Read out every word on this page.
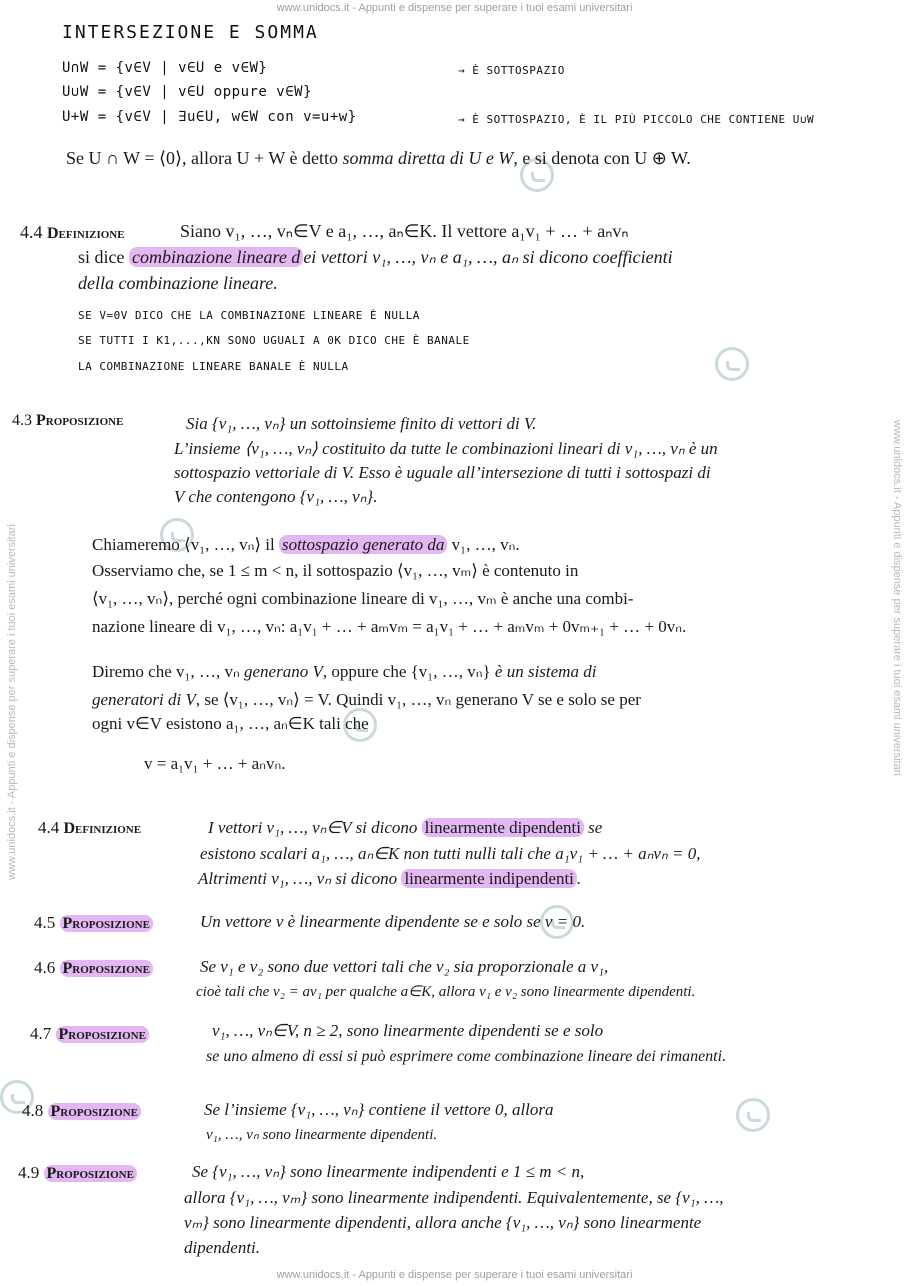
www.unidocs.it - Appunti e dispense per superare i tuoi esami universitari
www.unidocs.it - Appunti e dispense per superare i tuoi esami universitari
www.unidocs.it - Appunti e dispense per superare i tuoi esami universitari	www.unidocs.it - Appunti e dispense per superare i tuoi esami universitari
INTERSEZIONE E SOMMA
U∩W = {v∈V | v∈U e v∈W}	→ È SOTTOSPAZIO
U∪W = {v∈V | v∈U oppure v∈W}
U+W = {v∈V | ∃u∈U, w∈W con v=u+w}	→ È SOTTOSPAZIO, È IL PIÙ PICCOLO CHE CONTIENE U∪W
Se U ∩ W = ⟨0⟩, allora U + W è detto somma diretta di U e W, e si denota con U ⊕ W.
4.4 Definizione	Siano v₁, …, vₙ∈V e a₁, …, aₙ∈K. Il vettore a₁v₁ + … + aₙvₙ
si dice combinazione lineare d ei vettori v₁, …, vₙ e a₁, …, aₙ si dicono coefficienti
della combinazione lineare.
SE V=0V DICO CHE LA COMBINAZIONE LINEARE È NULLA
SE TUTTI I K1,...,KN SONO UGUALI A 0K DICO CHE È BANALE
LA COMBINAZIONE LINEARE BANALE È NULLA
4.3 Proposizione	Sia {v₁, …, vₙ} un sottoinsieme finito di vettori di V.
L’insieme ⟨v₁, …, vₙ⟩ costituito da tutte le combinazioni lineari di v₁, …, vₙ è un
sottospazio vettoriale di V. Esso è uguale all’intersezione di tutti i sottospazi di
V che contengono {v₁, …, vₙ}.
Chiameremo ⟨v₁, …, vₙ⟩ il sottospazio generato da v₁, …, vₙ.
Osserviamo che, se 1 ≤ m < n, il sottospazio ⟨v₁, …, vₘ⟩ è contenuto in
⟨v₁, …, vₙ⟩, perché ogni combinazione lineare di v₁, …, vₘ è anche una combi-
nazione lineare di v₁, …, vₙ: a₁v₁ + … + aₘvₘ = a₁v₁ + … + aₘvₘ + 0vₘ₊₁ + … + 0vₙ.
Diremo che v₁, …, vₙ generano V, oppure che {v₁, …, vₙ} è un sistema di
generatori di V, se ⟨v₁, …, vₙ⟩ = V. Quindi v₁, …, vₙ generano V se e solo se per
ogni v∈V esistono a₁, …, aₙ∈K tali che
v = a₁v₁ + … + aₙvₙ.
4.4 Definizione	I vettori v₁, …, vₙ∈V si dicono linearmente dipendenti se
esistono scalari a₁, …, aₙ∈K non tutti nulli tali che a₁v₁ + … + aₙvₙ = 0,
Altrimenti v₁, …, vₙ si dicono linearmente indipendenti .
4.5 Proposizione	Un vettore v è linearmente dipendente se e solo se v = 0.
4.6 Proposizione	Se v₁ e v₂ sono due vettori tali che v₂ sia proporzionale a v₁,
cioè tali che v₂ = av₁ per qualche a∈K, allora v₁ e v₂ sono linearmente dipendenti.
4.7 Proposizione	v₁, …, vₙ∈V, n ≥ 2, sono linearmente dipendenti se e solo
se uno almeno di essi si può esprimere come combinazione lineare dei rimanenti.
4.8 Proposizione	Se l’insieme {v₁, …, vₙ} contiene il vettore 0, allora
v₁, …, vₙ sono linearmente dipendenti.
4.9 Proposizione	Se {v₁, …, vₙ} sono linearmente indipendenti e 1 ≤ m < n,
allora {v₁, …, vₘ} sono linearmente indipendenti. Equivalentemente, se {v₁, …,
vₘ} sono linearmente dipendenti, allora anche {v₁, …, vₙ} sono linearmente
dipendenti.
